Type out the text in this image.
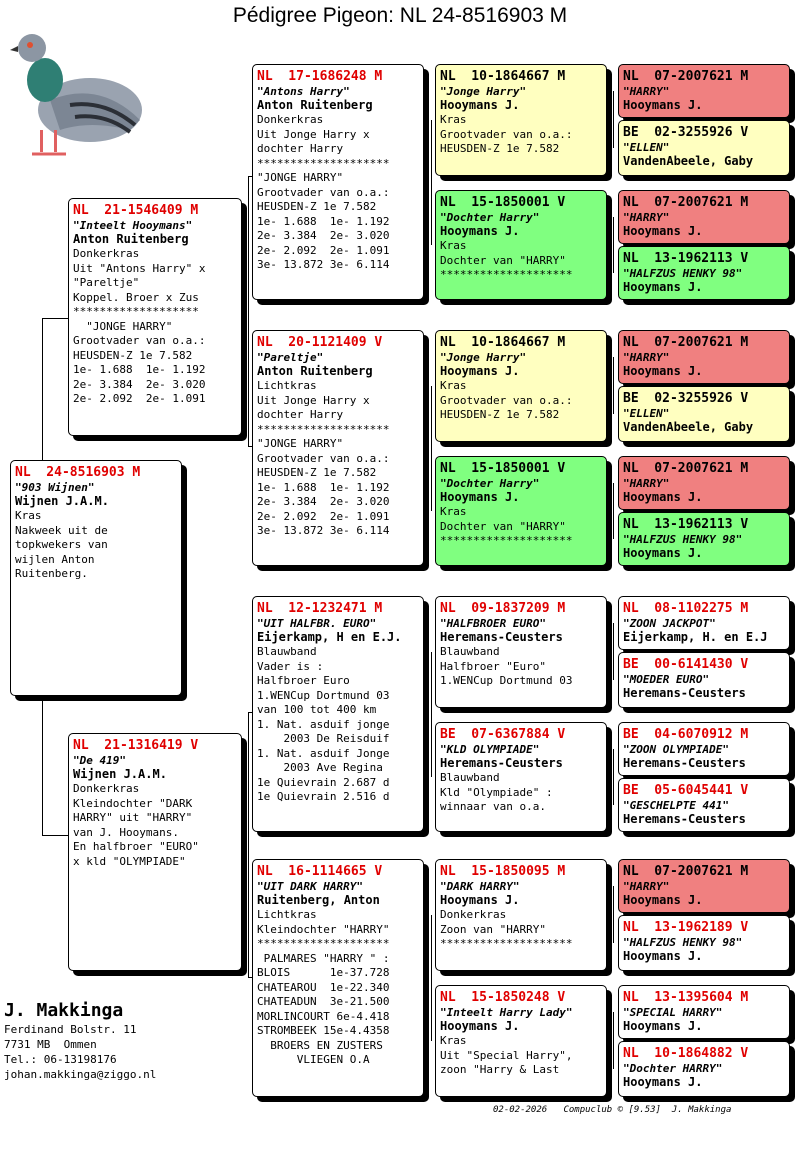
Pédigree Pigeon: NL 24-8516903 M
NL  24-8516903 M
"903 Wijnen"
Wijnen J.A.M.
Kras
Nakweek uit de
topkwekers van
wijlen Anton
Ruitenberg.
NL  21-1546409 M
"Inteelt Hooymans"
Anton Ruitenberg
Donkerkras
Uit "Antons Harry" x
"Pareltje"
Koppel. Broer x Zus
*******************
"JONGE HARRY"
Grootvader van o.a.:
HEUSDEN-Z 1e 7.582
1e- 1.688  1e- 1.192
2e- 3.384  2e- 3.020
2e- 2.092  2e- 1.091
NL  21-1316419 V
"De 419"
Wijnen J.A.M.
Donkerkras
Kleindochter "DARK
HARRY" uit "HARRY"
van J. Hooymans.
En halfbroer "EURO"
x kld "OLYMPIADE"
NL  17-1686248 M
"Antons Harry"
Anton Ruitenberg
Donkerkras
Uit Jonge Harry x
dochter Harry
********************
"JONGE HARRY"
Grootvader van o.a.:
HEUSDEN-Z 1e 7.582
1e- 1.688  1e- 1.192
2e- 3.384  2e- 3.020
2e- 2.092  2e- 1.091
3e- 13.872 3e- 6.114
NL  20-1121409 V
"Pareltje"
Anton Ruitenberg
Lichtkras
Uit Jonge Harry x
dochter Harry
********************
"JONGE HARRY"
Grootvader van o.a.:
HEUSDEN-Z 1e 7.582
1e- 1.688  1e- 1.192
2e- 3.384  2e- 3.020
2e- 2.092  2e- 1.091
3e- 13.872 3e- 6.114
NL  12-1232471 M
"UIT HALFBR. EURO"
Eijerkamp, H en E.J.
Blauwband
Vader is :
Halfbroer Euro
1.WENCup Dortmund 03
van 100 tot 400 km
1. Nat. asduif jonge
2003 De Reisduif
1. Nat. asduif Jonge
2003 Ave Regina
1e Quievrain 2.687 d
1e Quievrain 2.516 d
NL  16-1114665 V
"UIT DARK HARRY"
Ruitenberg, Anton
Lichtkras
Kleindochter "HARRY"
********************
PALMARES "HARRY " :
BLOIS      1e-37.728
CHATEAROU  1e-22.340
CHATEADUN  3e-21.500
MORLINCOURT 6e-4.418
STROMBEEK 15e-4.4358
BROERS EN ZUSTERS
VLIEGEN O.A
NL  10-1864667 M
"Jonge Harry"
Hooymans J.
Kras
Grootvader van o.a.:
HEUSDEN-Z 1e 7.582
NL  15-1850001 V
"Dochter Harry"
Hooymans J.
Kras
Dochter van "HARRY"
********************
NL  10-1864667 M
"Jonge Harry"
Hooymans J.
Kras
Grootvader van o.a.:
HEUSDEN-Z 1e 7.582
NL  15-1850001 V
"Dochter Harry"
Hooymans J.
Kras
Dochter van "HARRY"
********************
NL  09-1837209 M
"HALFBROER EURO"
Heremans-Ceusters
Blauwband
Halfbroer "Euro"
1.WENCup Dortmund 03
BE  07-6367884 V
"KLD OLYMPIADE"
Heremans-Ceusters
Blauwband
Kld "Olympiade" :
winnaar van o.a.
NL  15-1850095 M
"DARK HARRY"
Hooymans J.
Donkerkras
Zoon van "HARRY"
********************
NL  15-1850248 V
"Inteelt Harry Lady"
Hooymans J.
Kras
Uit "Special Harry",
zoon "Harry & Last
NL  07-2007621 M
"HARRY"
Hooymans J.
BE  02-3255926 V
"ELLEN"
VandenAbeele, Gaby
NL  07-2007621 M
"HARRY"
Hooymans J.
NL  13-1962113 V
"HALFZUS HENKY 98"
Hooymans J.
NL  07-2007621 M
"HARRY"
Hooymans J.
BE  02-3255926 V
"ELLEN"
VandenAbeele, Gaby
NL  07-2007621 M
"HARRY"
Hooymans J.
NL  13-1962113 V
"HALFZUS HENKY 98"
Hooymans J.
NL  08-1102275 M
"ZOON JACKPOT"
Eijerkamp, H. en E.J
BE  00-6141430 V
"MOEDER EURO"
Heremans-Ceusters
BE  04-6070912 M
"ZOON OLYMPIADE"
Heremans-Ceusters
BE  05-6045441 V
"GESCHELPTE 441"
Heremans-Ceusters
NL  07-2007621 M
"HARRY"
Hooymans J.
NL  13-1962189 V
"HALFZUS HENKY 98"
Hooymans J.
NL  13-1395604 M
"SPECIAL HARRY"
Hooymans J.
NL  10-1864882 V
"Dochter HARRY"
Hooymans J.
J. Makkinga
Ferdinand Bolstr. 11
7731 MB  Ommen
Tel.: 06-13198176
johan.makkinga@ziggo.nl
02-02-2026   Compuclub © [9.53]  J. Makkinga
